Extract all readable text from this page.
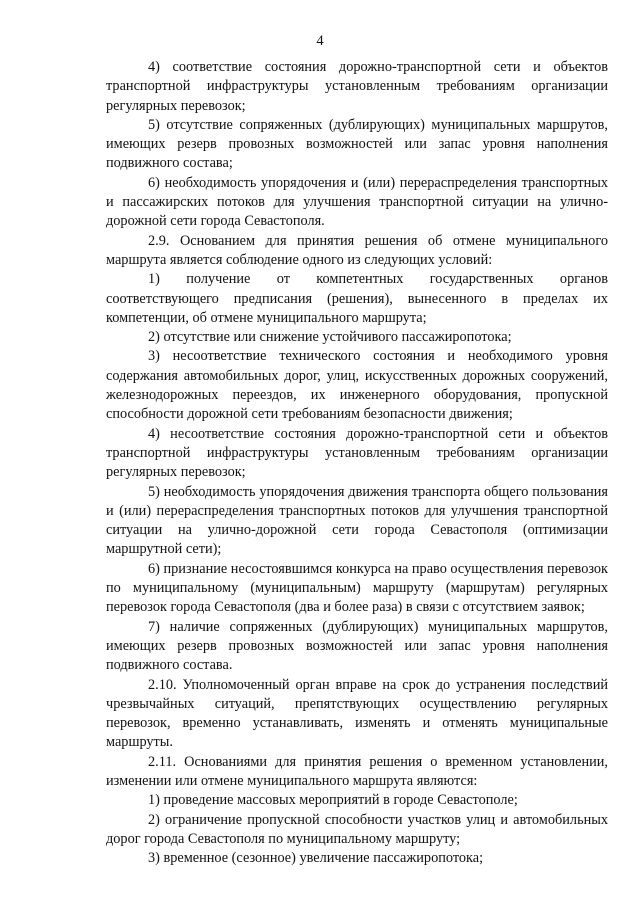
4

4) соответствие состояния дорожно-транспортной сети и объектов транспортной инфраструктуры установленным требованиям организации регулярных перевозок;

5) отсутствие сопряженных (дублирующих) муниципальных маршрутов, имеющих резерв провозных возможностей или запас уровня наполнения подвижного состава;

6) необходимость упорядочения и (или) перераспределения транспортных и пассажирских потоков для улучшения транспортной ситуации на улично-дорожной сети города Севастополя.

2.9. Основанием для принятия решения об отмене муниципального маршрута является соблюдение одного из следующих условий:

1) получение от компетентных государственных органов соответствующего предписания (решения), вынесенного в пределах их компетенции, об отмене муниципального маршрута;

2) отсутствие или снижение устойчивого пассажиропотока;

3) несоответствие технического состояния и необходимого уровня содержания автомобильных дорог, улиц, искусственных дорожных сооружений, железнодорожных переездов, их инженерного оборудования, пропускной способности дорожной сети требованиям безопасности движения;

4) несоответствие состояния дорожно-транспортной сети и объектов транспортной инфраструктуры установленным требованиям организации регулярных перевозок;

5) необходимость упорядочения движения транспорта общего пользования и (или) перераспределения транспортных потоков для улучшения транспортной ситуации на улично-дорожной сети города Севастополя (оптимизации маршрутной сети);

6) признание несостоявшимся конкурса на право осуществления перевозок по муниципальному (муниципальным) маршруту (маршрутам) регулярных перевозок города Севастополя (два и более раза) в связи с отсутствием заявок;

7) наличие сопряженных (дублирующих) муниципальных маршрутов, имеющих резерв провозных возможностей или запас уровня наполнения подвижного состава.

2.10. Уполномоченный орган вправе на срок до устранения последствий чрезвычайных ситуаций, препятствующих осуществлению регулярных перевозок, временно устанавливать, изменять и отменять муниципальные маршруты.

2.11. Основаниями для принятия решения о временном установлении, изменении или отмене муниципального маршрута являются:

1) проведение массовых мероприятий в городе Севастополе;

2) ограничение пропускной способности участков улиц и автомобильных дорог города Севастополя по муниципальному маршруту;

3) временное (сезонное) увеличение пассажиропотока;
